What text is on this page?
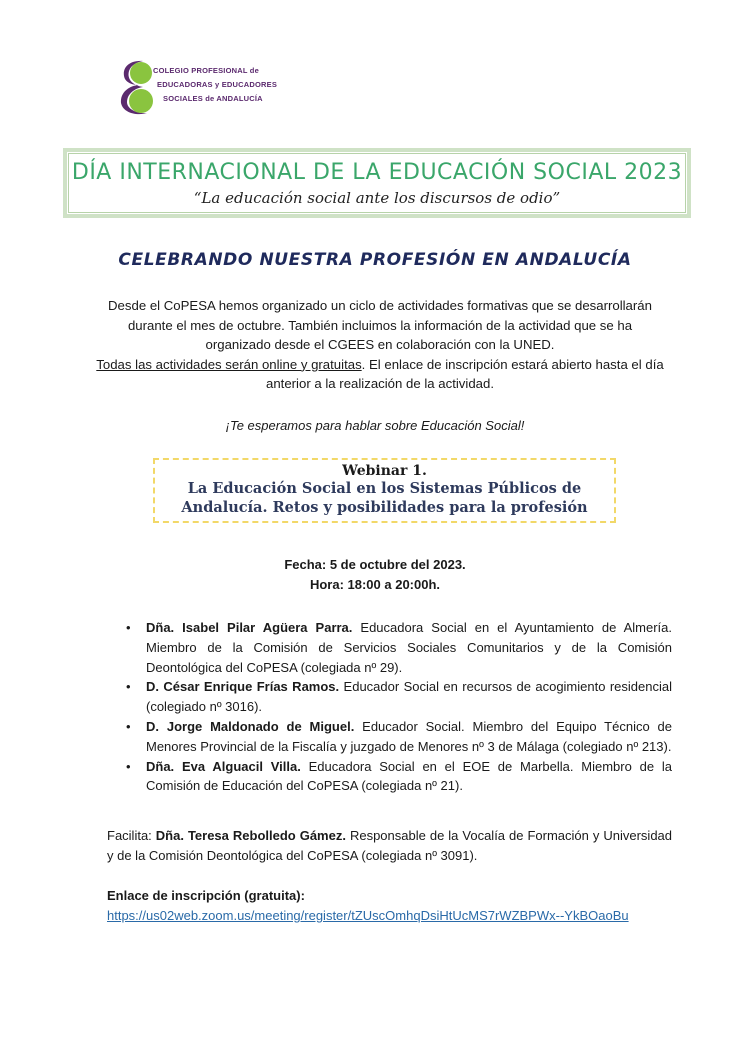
COLEGIO PROFESIONAL de
EDUCADORAS y EDUCADORES
SOCIALES de ANDALUCÍA
DÍA INTERNACIONAL DE LA EDUCACIÓN SOCIAL 2023
“La educación social ante los discursos de odio”
CELEBRANDO NUESTRA PROFESIÓN EN ANDALUCÍA
Desde el CoPESA hemos organizado un ciclo de actividades formativas que se desarrollarán durante el mes de octubre. También incluimos la información de la actividad que se ha organizado desde el CGEES en colaboración con la UNED.
Todas las actividades serán online y gratuitas. El enlace de inscripción estará abierto hasta el día anterior a la realización de la actividad.
¡Te esperamos para hablar sobre Educación Social!
Webinar 1.
La Educación Social en los Sistemas Públicos de Andalucía. Retos y posibilidades para la profesión
Fecha: 5 de octubre del 2023.
Hora: 18:00 a 20:00h.
• Dña. Isabel Pilar Agüera Parra. Educadora Social en el Ayuntamiento de Almería. Miembro de la Comisión de Servicios Sociales Comunitarios y de la Comisión Deontológica del CoPESA (colegiada nº 29).
• D. César Enrique Frías Ramos. Educador Social en recursos de acogimiento residencial (colegiado nº 3016).
• D. Jorge Maldonado de Miguel. Educador Social. Miembro del Equipo Técnico de Menores Provincial de la Fiscalía y juzgado de Menores nº 3 de Málaga (colegiado nº 213).
• Dña. Eva Alguacil Villa. Educadora Social en el EOE de Marbella. Miembro de la Comisión de Educación del CoPESA (colegiada nº 21).
Facilita: Dña. Teresa Rebolledo Gámez. Responsable de la Vocalía de Formación y Universidad y de la Comisión Deontológica del CoPESA (colegiada nº 3091).
Enlace de inscripción (gratuita):
https://us02web.zoom.us/meeting/register/tZUscOmhqDsiHtUcMS7rWZBPWx--YkBOaoBu
